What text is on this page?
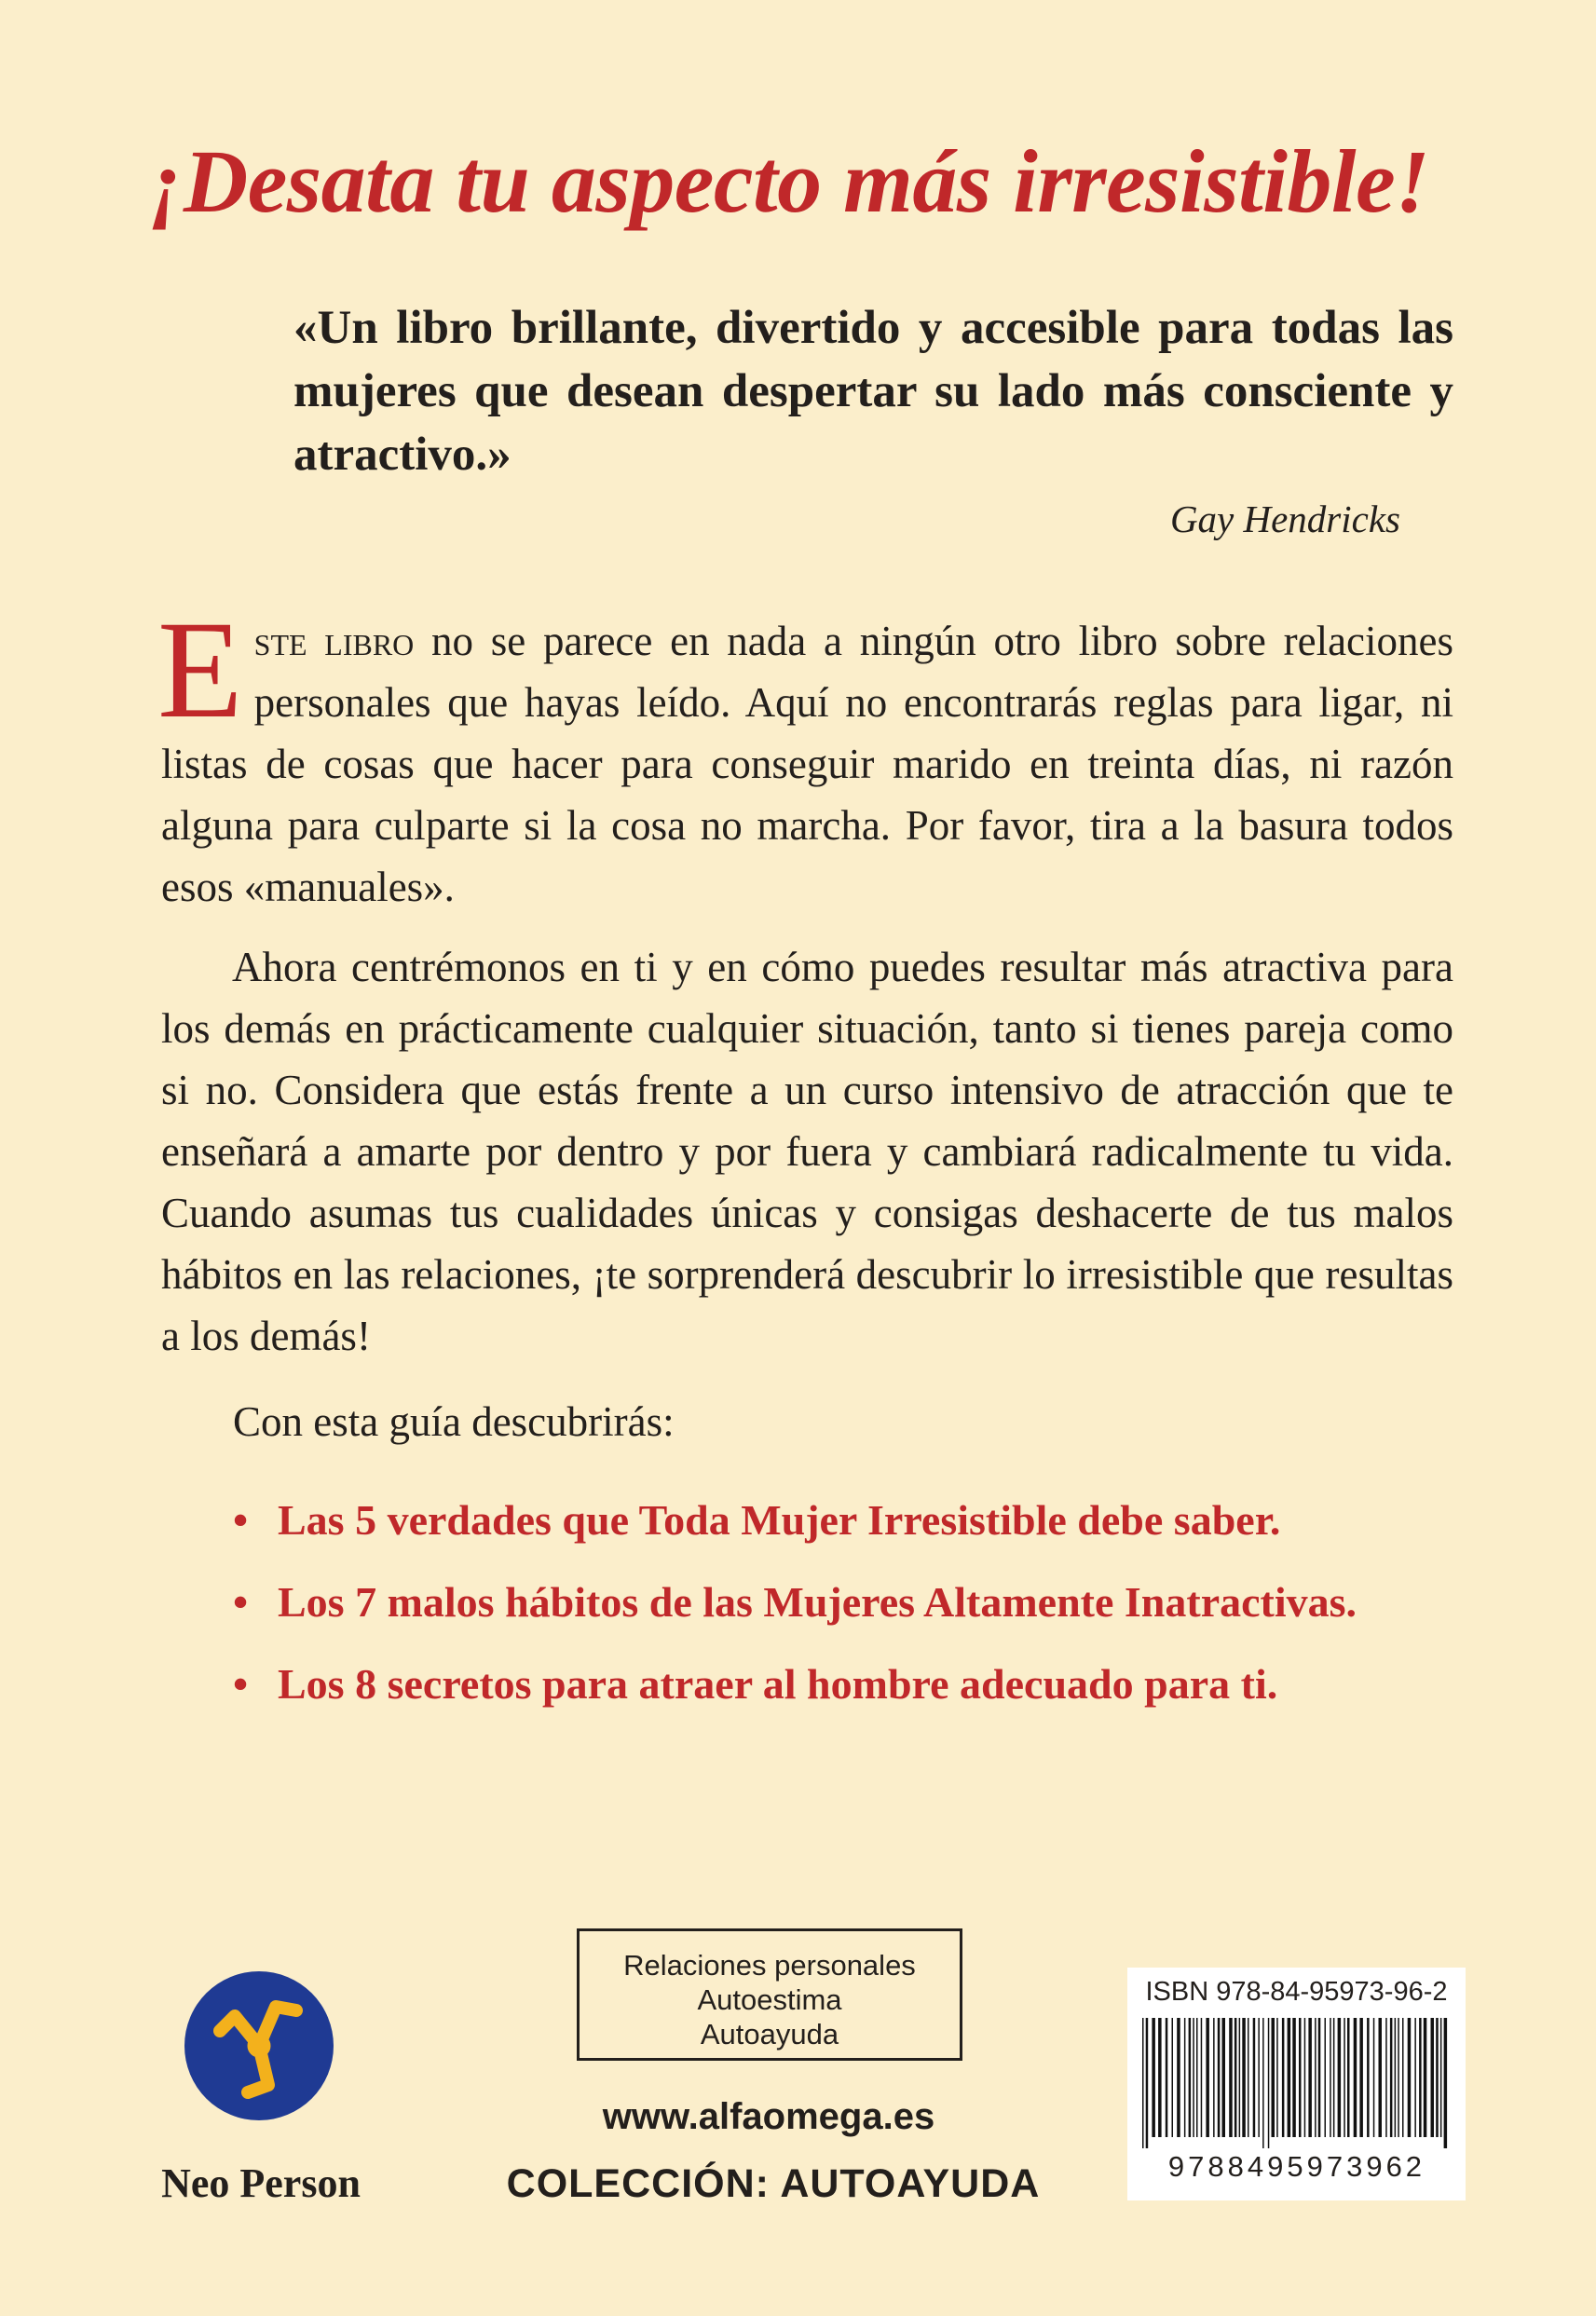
¡Desata tu aspecto más irresistible!
«Un libro brillante, divertido y accesible para todas las mujeres que desean despertar su lado más consciente y atractivo.»
Gay Hendricks

Este libro no se parece en nada a ningún otro libro sobre relaciones personales que hayas leído. Aquí no encontrarás reglas para ligar, ni listas de cosas que hacer para conseguir marido en treinta días, ni razón alguna para culparte si la cosa no marcha. Por favor, tira a la basura todos esos «manuales».

Ahora centrémonos en ti y en cómo puedes resultar más atractiva para los demás en prácticamente cualquier situación, tanto si tienes pareja como si no. Considera que estás frente a un curso intensivo de atracción que te enseñará a amarte por dentro y por fuera y cambiará radicalmente tu vida. Cuando asumas tus cualidades únicas y consigas deshacerte de tus malos hábitos en las relaciones, ¡te sorprenderá descubrir lo irresistible que resultas a los demás!

Con esta guía descubrirás:
• Las 5 verdades que Toda Mujer Irresistible debe saber.
• Los 7 malos hábitos de las Mujeres Altamente Inatractivas.
• Los 8 secretos para atraer al hombre adecuado para ti.
Relaciones personales
Autoestima
Autoayuda
www.alfaomega.es
COLECCIÓN: AUTOAYUDA
Neo Person
ISBN 978-84-95973-96-2
9788495973962
